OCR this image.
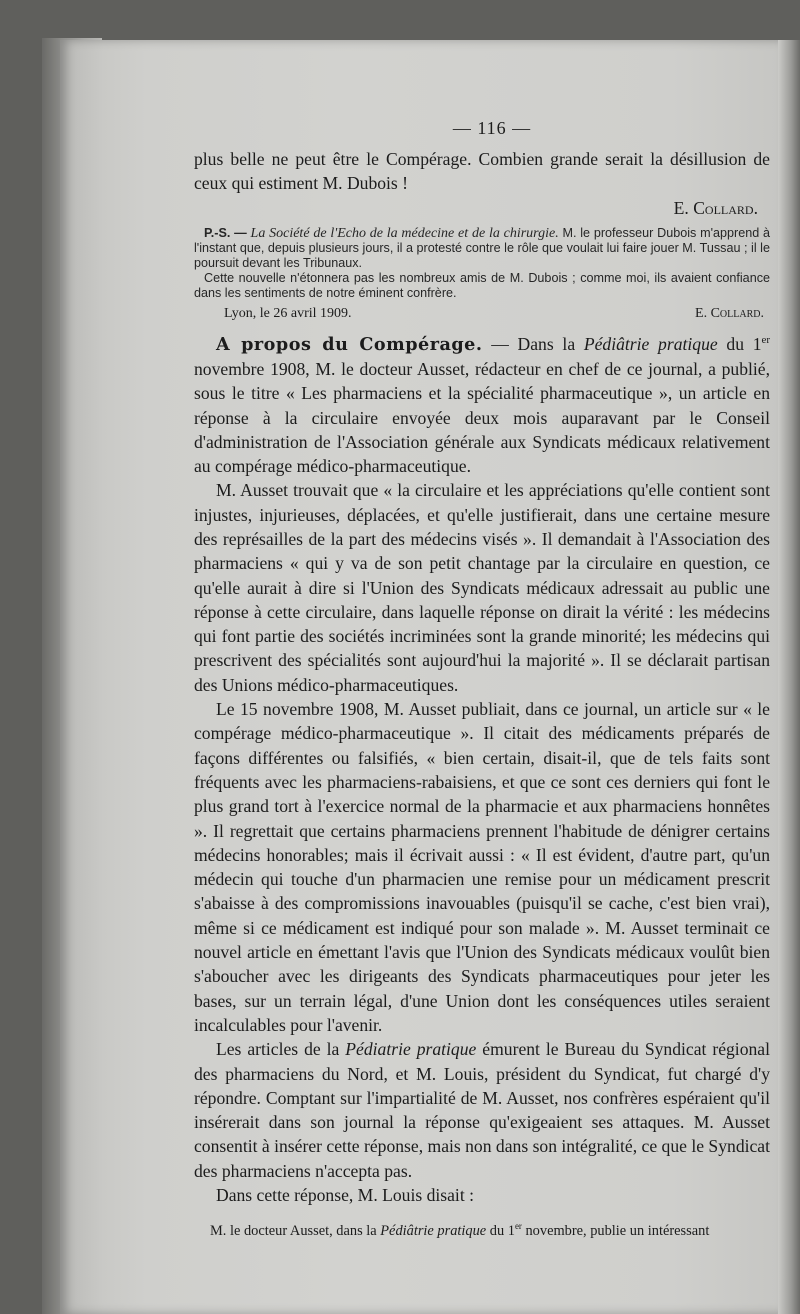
— 116 —

plus belle ne peut être le Compérage. Combien grande serait la désillusion de ceux qui estiment M. Dubois !

E. Collard.

P.-S. — La Société de l'Echo de la médecine et de la chirurgie. M. le professeur Dubois m'apprend à l'instant que, depuis plusieurs jours, il a protesté contre le rôle que voulait lui faire jouer M. Tussau ; il le poursuit devant les Tribunaux.

Cette nouvelle n'étonnera pas les nombreux amis de M. Dubois ; comme moi, ils avaient confiance dans les sentiments de notre éminent confrère.

Lyon, le 26 avril 1909.	E. Collard.

A propos du Compérage. — Dans la Pédiâtrie pratique du 1er novembre 1908, M. le docteur Ausset, rédacteur en chef de ce journal, a publié, sous le titre « Les pharmaciens et la spécialité pharmaceutique », un article en réponse à la circulaire envoyée deux mois auparavant par le Conseil d'administration de l'Association générale aux Syndicats médicaux relativement au compérage médico-pharmaceutique.

M. Ausset trouvait que « la circulaire et les appréciations qu'elle contient sont injustes, injurieuses, déplacées, et qu'elle justifierait, dans une certaine mesure des représailles de la part des médecins visés ». Il demandait à l'Association des pharmaciens « qui y va de son petit chantage par la circulaire en question, ce qu'elle aurait à dire si l'Union des Syndicats médicaux adressait au public une réponse à cette circulaire, dans laquelle réponse on dirait la vérité : les médecins qui font partie des sociétés incriminées sont la grande minorité; les médecins qui prescrivent des spécialités sont aujourd'hui la majorité ». Il se déclarait partisan des Unions médico-pharmaceutiques.

Le 15 novembre 1908, M. Ausset publiait, dans ce journal, un article sur « le compérage médico-pharmaceutique ». Il citait des médicaments préparés de façons différentes ou falsifiés, « bien certain, disait-il, que de tels faits sont fréquents avec les pharmaciens-rabaisiens, et que ce sont ces derniers qui font le plus grand tort à l'exercice normal de la pharmacie et aux pharmaciens honnêtes ». Il regrettait que certains pharmaciens prennent l'habitude de dénigrer certains médecins honorables; mais il écrivait aussi : « Il est évident, d'autre part, qu'un médecin qui touche d'un pharmacien une remise pour un médicament prescrit s'abaisse à des compromissions inavouables (puisqu'il se cache, c'est bien vrai), même si ce médicament est indiqué pour son malade ». M. Ausset terminait ce nouvel article en émettant l'avis que l'Union des Syndicats médicaux voulût bien s'aboucher avec les dirigeants des Syndicats pharmaceutiques pour jeter les bases, sur un terrain légal, d'une Union dont les conséquences utiles seraient incalculables pour l'avenir.

Les articles de la Pédiatrie pratique émurent le Bureau du Syndicat régional des pharmaciens du Nord, et M. Louis, président du Syndicat, fut chargé d'y répondre. Comptant sur l'impartialité de M. Ausset, nos confrères espéraient qu'il insérerait dans son journal la réponse qu'exigeaient ses attaques. M. Ausset consentit à insérer cette réponse, mais non dans son intégralité, ce que le Syndicat des pharmaciens n'accepta pas.

Dans cette réponse, M. Louis disait :

M. le docteur Ausset, dans la Pédiâtrie pratique du 1er novembre, publie un intéressant
